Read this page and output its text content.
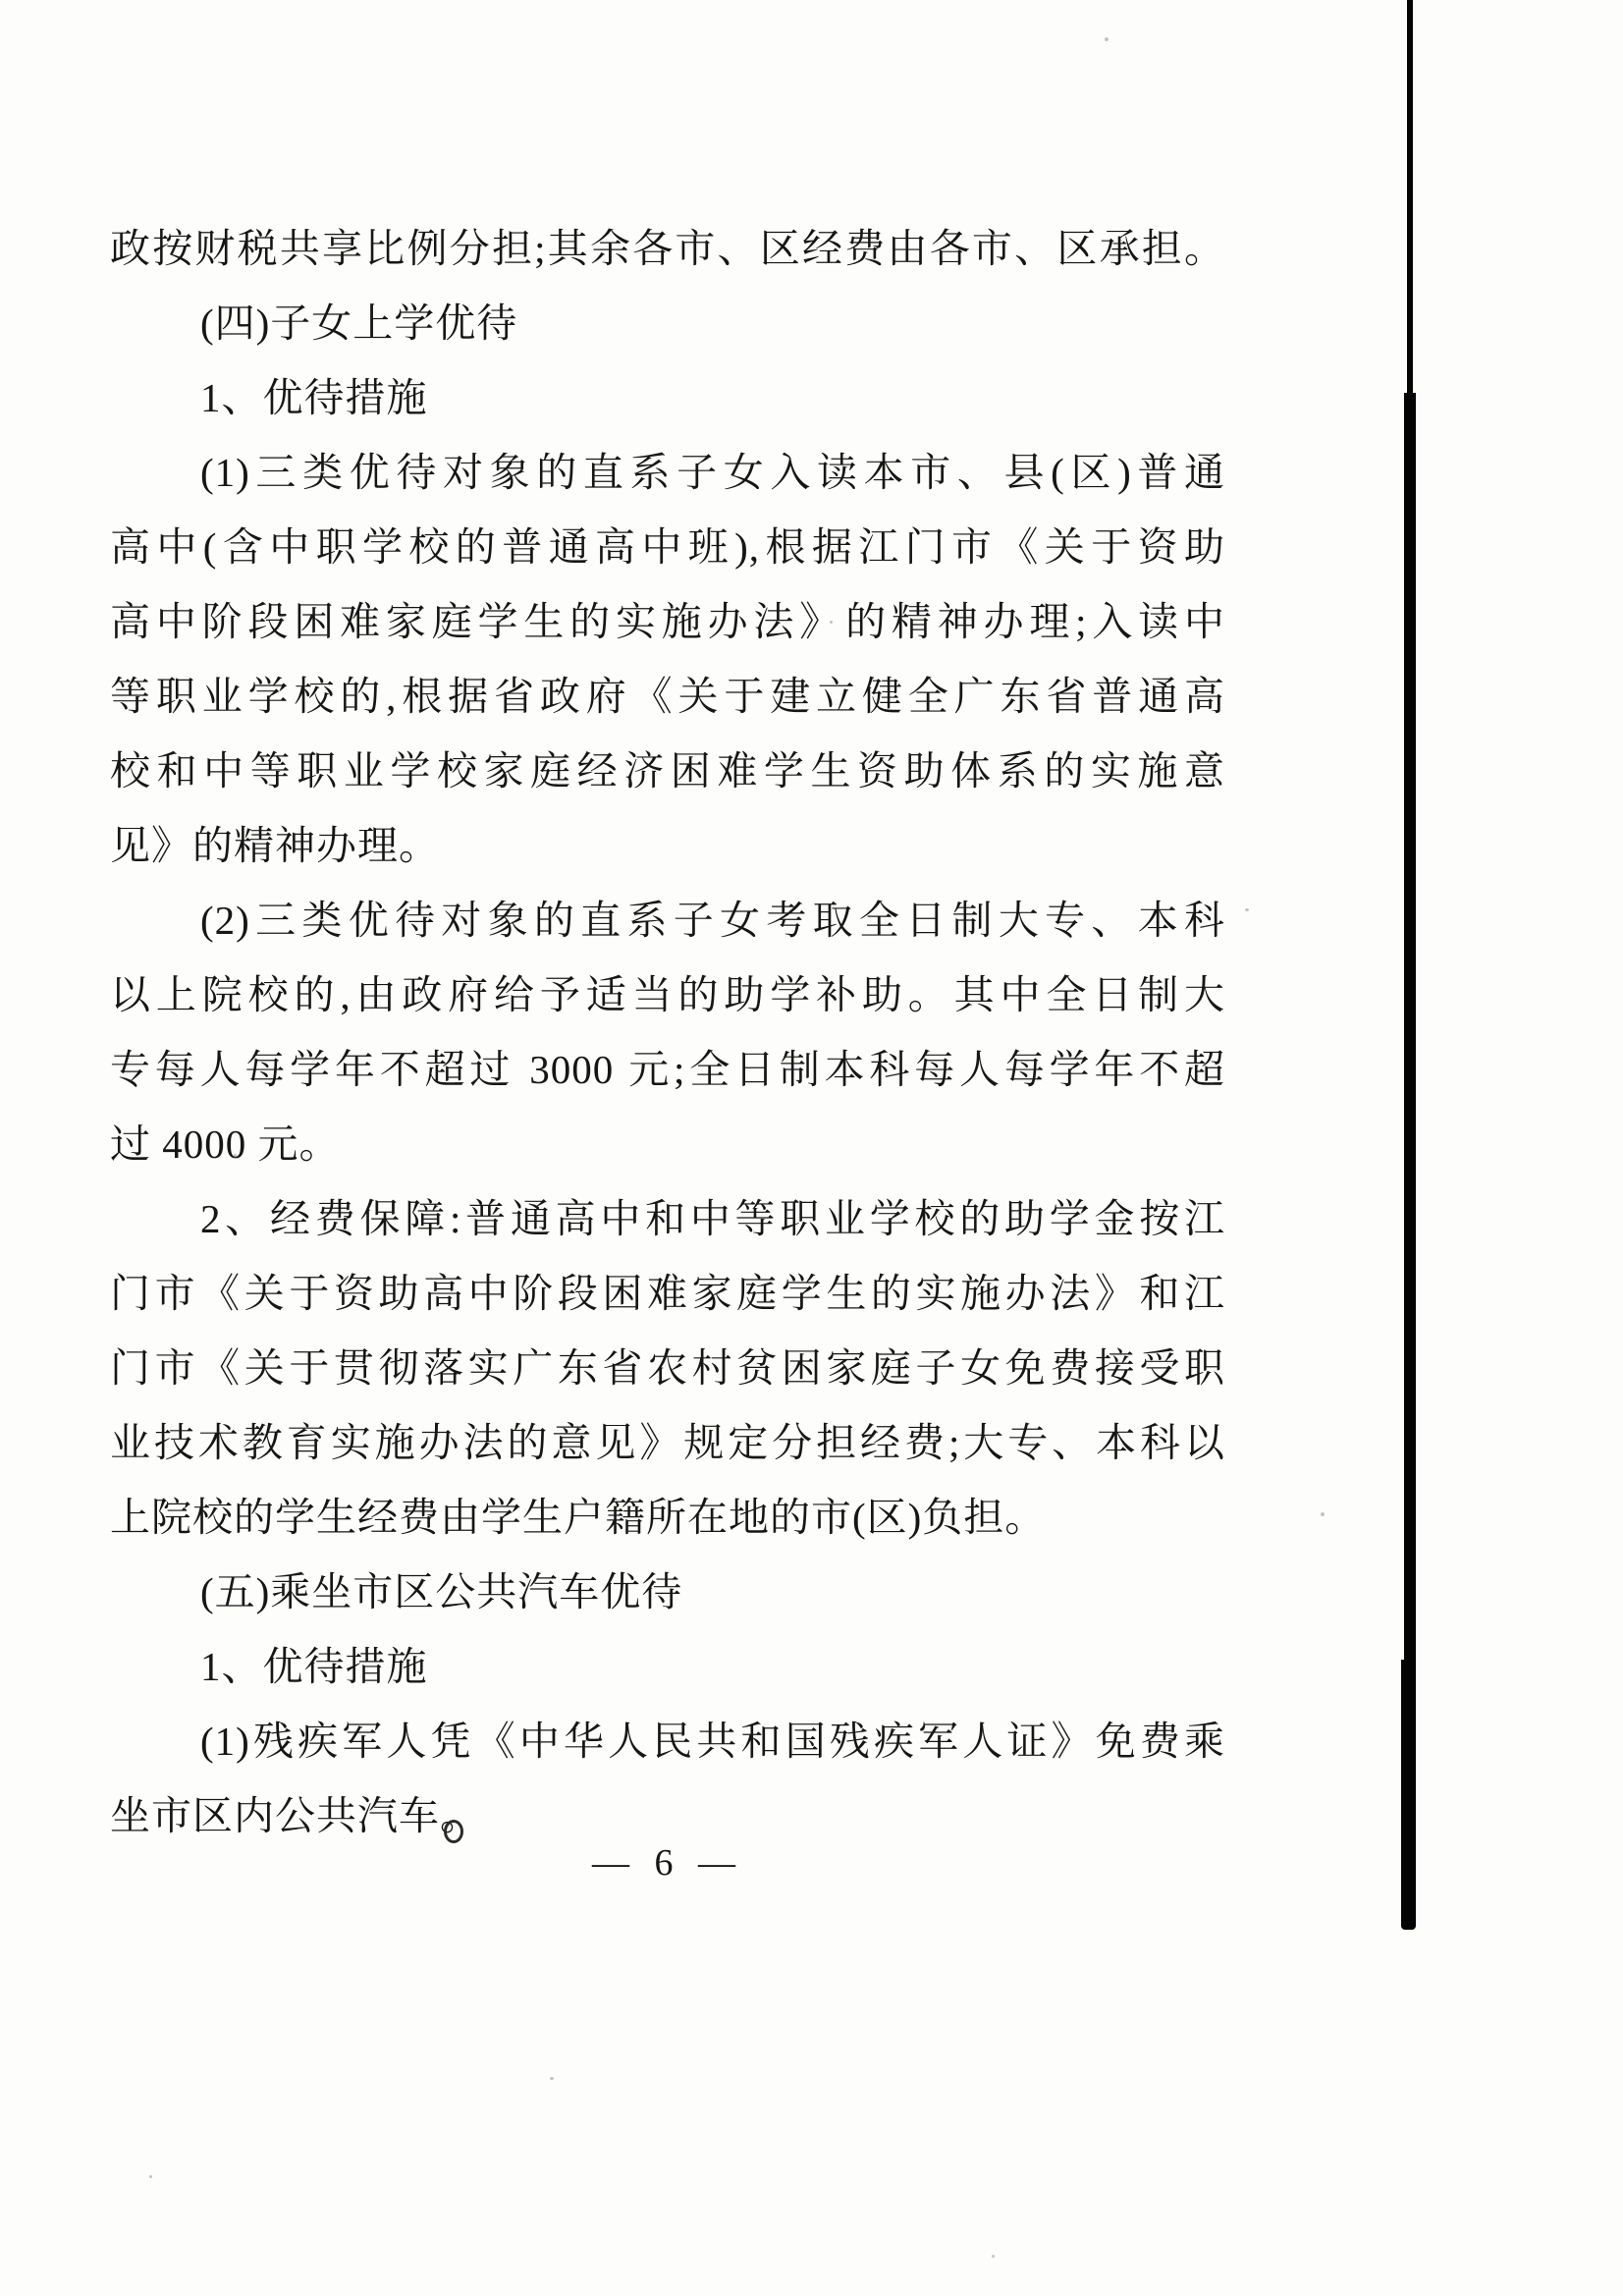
政按财税共享比例分担;其余各市、区经费由各市、区承担。
(四)子女上学优待
1、优待措施
(1)三类优待对象的直系子女入读本市、县(区)普通
高中(含中职学校的普通高中班),根据江门市《关于资助
高中阶段困难家庭学生的实施办法》的精神办理;入读中
等职业学校的,根据省政府《关于建立健全广东省普通高
校和中等职业学校家庭经济困难学生资助体系的实施意
见》的精神办理。
(2)三类优待对象的直系子女考取全日制大专、本科
以上院校的,由政府给予适当的助学补助。其中全日制大
专每人每学年不超过 3000 元;全日制本科每人每学年不超
过 4000 元。
2、经费保障:普通高中和中等职业学校的助学金按江
门市《关于资助高中阶段困难家庭学生的实施办法》和江
门市《关于贯彻落实广东省农村贫困家庭子女免费接受职
业技术教育实施办法的意见》规定分担经费;大专、本科以
上院校的学生经费由学生户籍所在地的市(区)负担。
(五)乘坐市区公共汽车优待
1、优待措施
(1)残疾军人凭《中华人民共和国残疾军人证》免费乘
坐市区内公共汽车。
— 6 —
